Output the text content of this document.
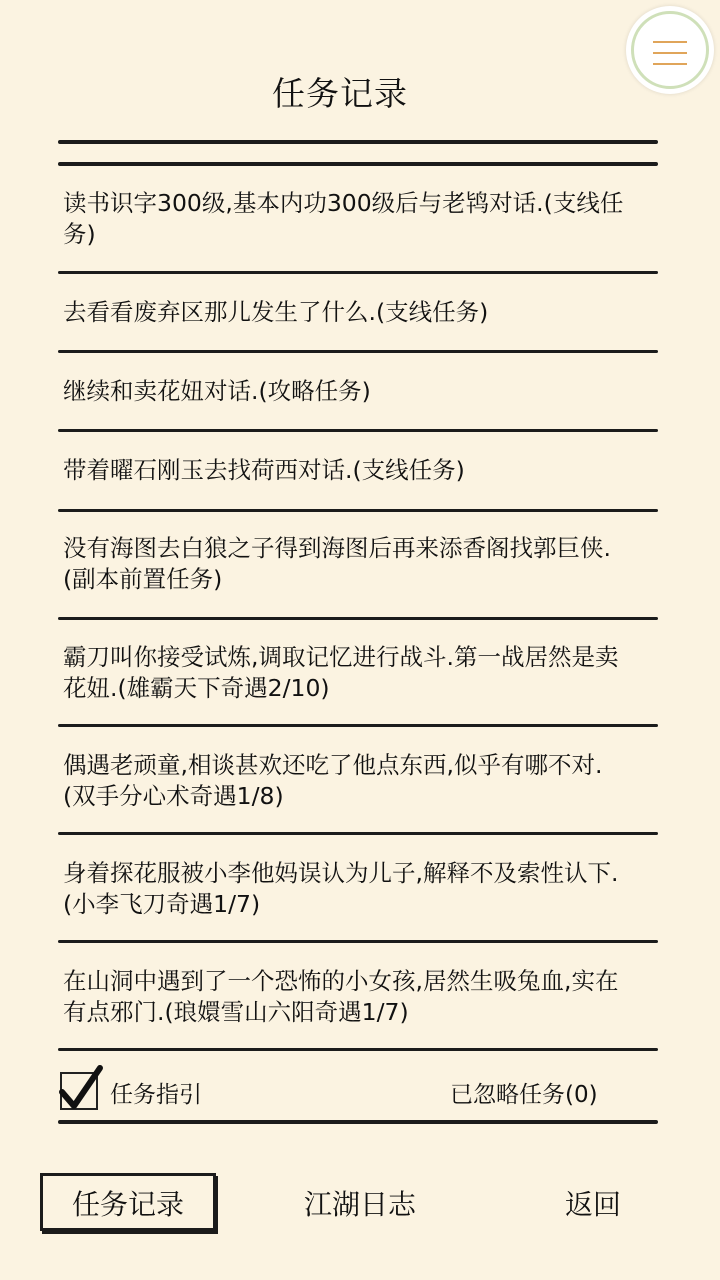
任务记录
读书识字300级,基本内功300级后与老鸨对话.(支线任务)
去看看废弃区那儿发生了什么.(支线任务)
继续和卖花妞对话.(攻略任务)
带着曜石刚玉去找荷西对话.(支线任务)
没有海图去白狼之子得到海图后再来添香阁找郭巨侠.(副本前置任务)
霸刀叫你接受试炼,调取记忆进行战斗.第一战居然是卖花妞.(雄霸天下奇遇2/10)
偶遇老顽童,相谈甚欢还吃了他点东西,似乎有哪不对.(双手分心术奇遇1/8)
身着探花服被小李他妈误认为儿子,解释不及索性认下.(小李飞刀奇遇1/7)
在山洞中遇到了一个恐怖的小女孩,居然生吸兔血,实在有点邪门.(琅嬛雪山六阳奇遇1/7)
任务指引	已忽略任务(0)
任务记录	江湖日志	返回
